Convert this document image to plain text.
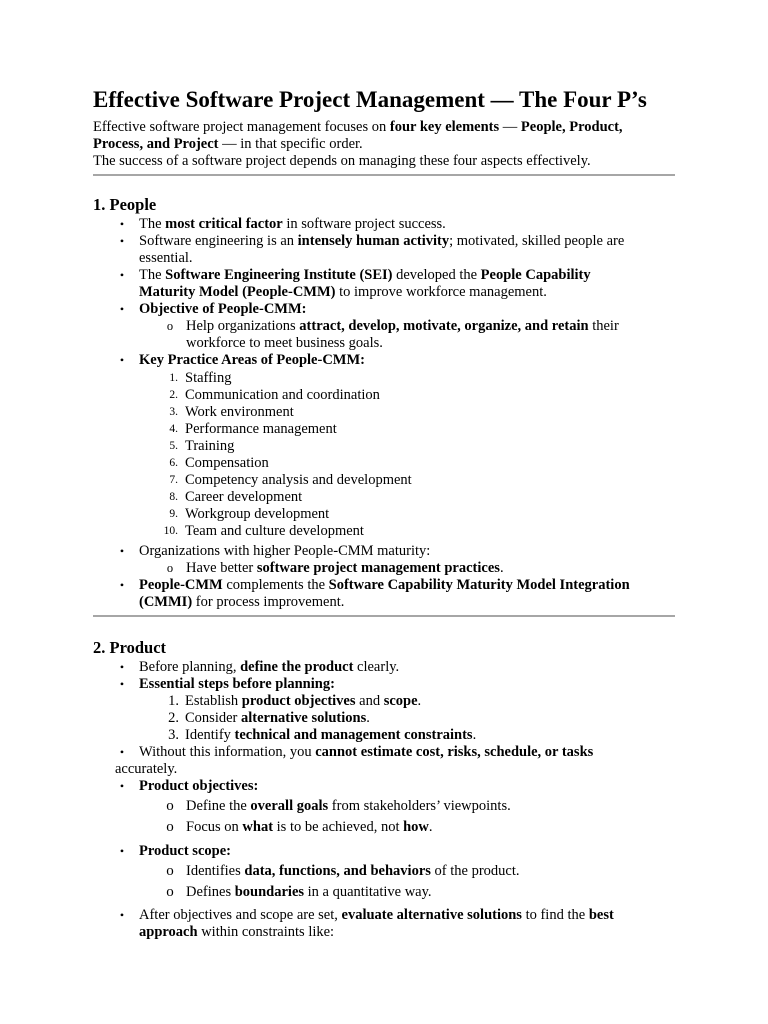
Effective Software Project Management — The Four P’s

Effective software project management focuses on four key elements — People, Product,

Process, and Project — in that specific order.

The success of a software project depends on managing these four aspects effectively.

1. People
•
The most critical factor in software project success.
•
Software engineering is an intensely human activity; motivated, skilled people are
essential.
•
The Software Engineering Institute (SEI) developed the People Capability
Maturity Model (People-CMM) to improve workforce management.
•
Objective of People-CMM:
o
Help organizations attract, develop, motivate, organize, and retain their
workforce to meet business goals.
•
Key Practice Areas of People-CMM:
1 . Staffing
2 . Communication and coordination
3 . Work environment
4 . Performance management
5 . Training
6 . Compensation
7 . Competency analysis and development
8 . Career development
9 . Workgroup development
10 . Team and culture development
•
Organizations with higher People-CMM maturity:
o
Have better software project management practices.
•
People-CMM complements the Software Capability Maturity Model Integration
(CMMI) for process improvement.
2. Product
•
Before planning, define the product clearly.
•
Essential steps before planning:
1 . Establish product objectives and scope.
2 . Consider alternative solutions.
3 . Identify technical and management constraints.
•
Without this information, you cannot estimate cost, risks, schedule, or tasks
accurately.
•
Product objectives:
o
Define the overall goals from stakeholders’ viewpoints.
o
Focus on what is to be achieved, not how.
•
Product scope:
o
Identifies data, functions, and behaviors of the product.
o
Defines boundaries in a quantitative way.
•
After objectives and scope are set, evaluate alternative solutions to find the best
approach within constraints like:
